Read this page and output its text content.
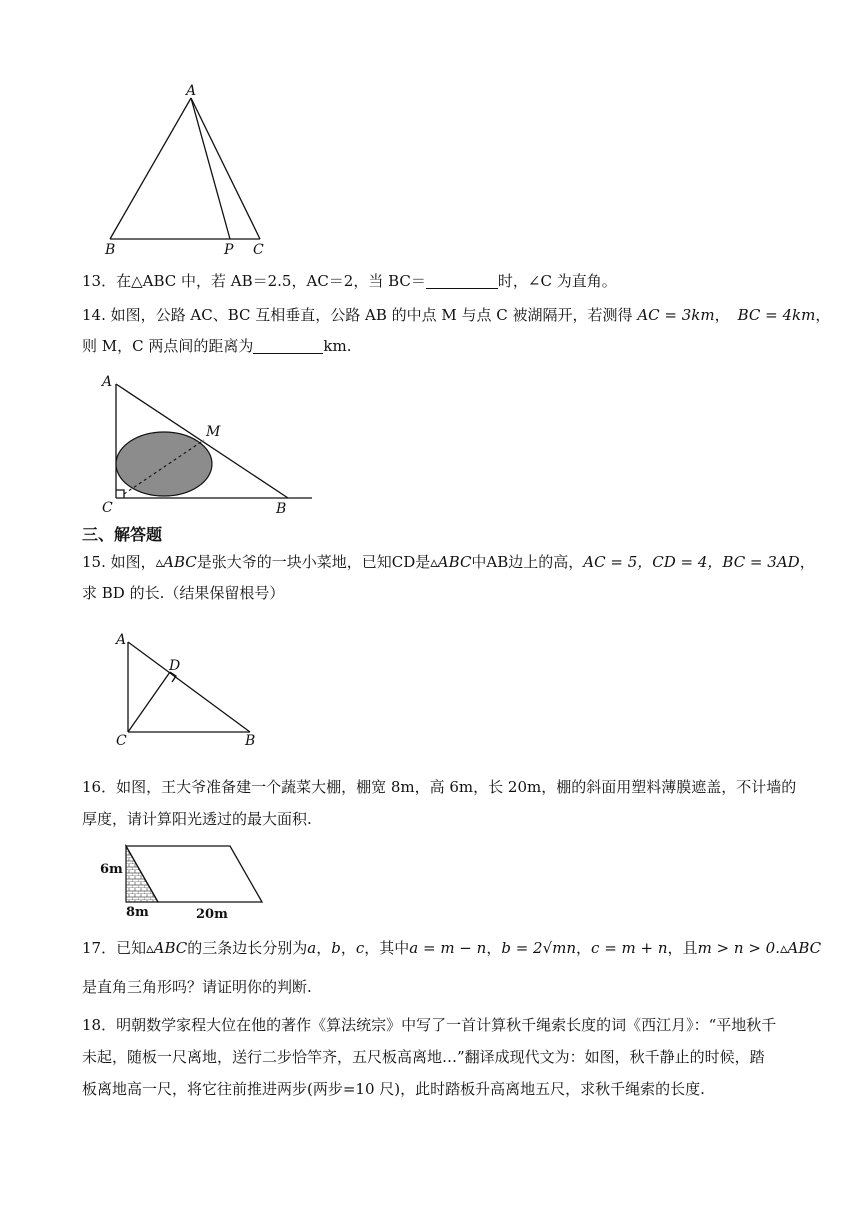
A
B	P C
13．在△ABC 中，若 AB＝2.5，AC＝2，当 BC＝	时，∠C 为直角。
14. 如图，公路 AC、BC 互相垂直，公路 AB 的中点 M 与点 C 被湖隔开，若测得 AC = 3km， BC = 4km，
则 M，C 两点间的距离为	km.
A
M
C	B
三、解答题
15. 如图，▵ABC是张大爷的一块小菜地，已知CD是▵ABC中AB边上的高，AC = 5，CD = 4，BC = 3AD，
求 BD 的长.（结果保留根号）
A
D
C	B
16．如图，王大爷准备建一个蔬菜大棚，棚宽 8m，高 6m，长 20m，棚的斜面用塑料薄膜遮盖，不计墙的
厚度，请计算阳光透过的最大面积.
6m
8m	20m
17．已知▵ABC的三条边长分别为a，b，c，其中a = m − n，b = 2√mn，c = m + n，且m > n > 0.▵ABC
是直角三角形吗？请证明你的判断.
18．明朝数学家程大位在他的著作《算法统宗》中写了一首计算秋千绳索长度的词《西江月》：“平地秋千
未起，随板一尺离地，送行二步恰竿齐，五尺板高离地…”翻译成现代文为：如图，秋千静止的时候，踏
板离地高一尺，将它往前推进两步(两步=10 尺)，此时踏板升高离地五尺，求秋千绳索的长度.
